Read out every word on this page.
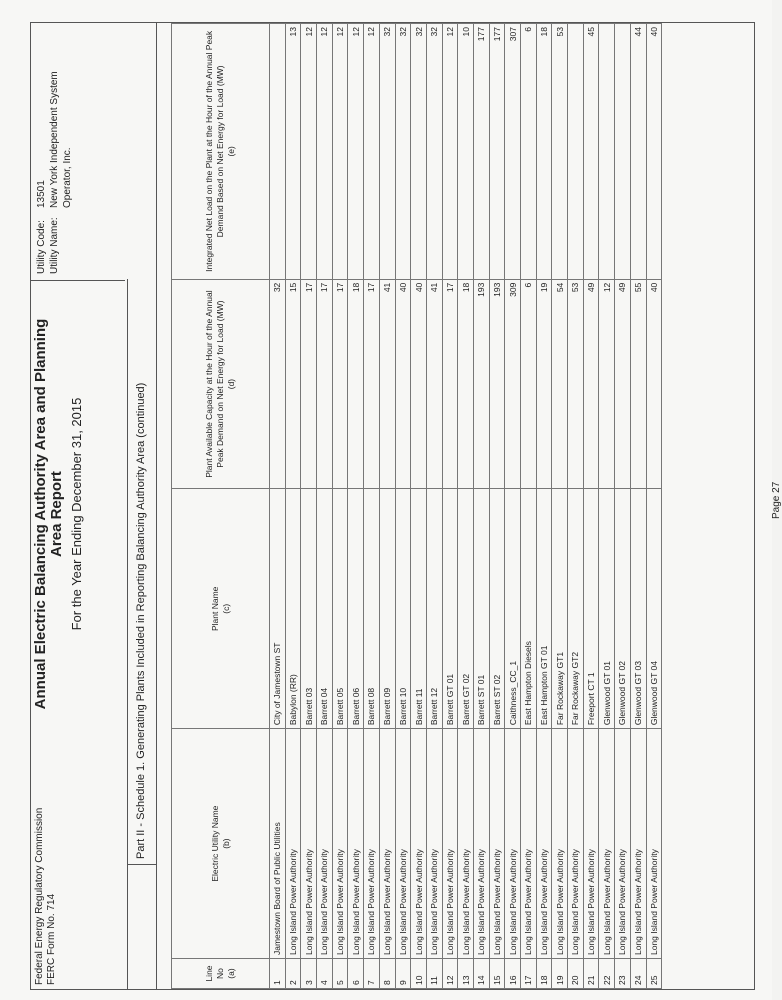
Federal Energy Regulatory Commission FERC Form No. 714
Annual Electric Balancing Authority Area and Planning Area Report For the Year Ending December 31, 2015
Utility Code:
13501
Utility Name:
New York Independent System Operator, Inc.
Part II - Schedule 1. Generating Plants Included in Reporting Balancing Authority Area (continued)
Line No (a)	Electric Utility Name (b)	Plant Name (c)	Plant Available Capacity at the Hour of the Annual Peak Demand on Net Energy for Load (MW) (d)	Integrated Net Load on the Plant at the Hour of the Annual Peak Demand Based on Net Energy for Load (MW) (e)

1	Jamestown Board of Public Utilities	City of Jamestown ST	32	
2	Long Island Power Authority	Babylon (RR)	15	13
3	Long Island Power Authority	Barrett 03	17	12
4	Long Island Power Authority	Barrett 04	17	12
5	Long Island Power Authority	Barrett 05	17	12
6	Long Island Power Authority	Barrett 06	18	12
7	Long Island Power Authority	Barrett 08	17	12
8	Long Island Power Authority	Barrett 09	41	32
9	Long Island Power Authority	Barrett 10	40	32
10	Long Island Power Authority	Barrett 11	40	32
11	Long Island Power Authority	Barrett 12	41	32
12	Long Island Power Authority	Barrett GT 01	17	12
13	Long Island Power Authority	Barrett GT 02	18	10
14	Long Island Power Authority	Barrett ST 01	193	177
15	Long Island Power Authority	Barrett ST 02	193	177
16	Long Island Power Authority	Caithness_CC_1	309	307
17	Long Island Power Authority	East Hampton Diesels	6	6
18	Long Island Power Authority	East Hampton GT 01	19	18
19	Long Island Power Authority	Far Rockaway GT1	54	53
20	Long Island Power Authority	Far Rockaway GT2	53	
21	Long Island Power Authority	Freeport CT 1	49	45
22	Long Island Power Authority	Glenwood GT 01	12	
23	Long Island Power Authority	Glenwood GT 02	49	
24	Long Island Power Authority	Glenwood GT 03	55	44
25	Long Island Power Authority	Glenwood GT 04	40	40
Page 27
